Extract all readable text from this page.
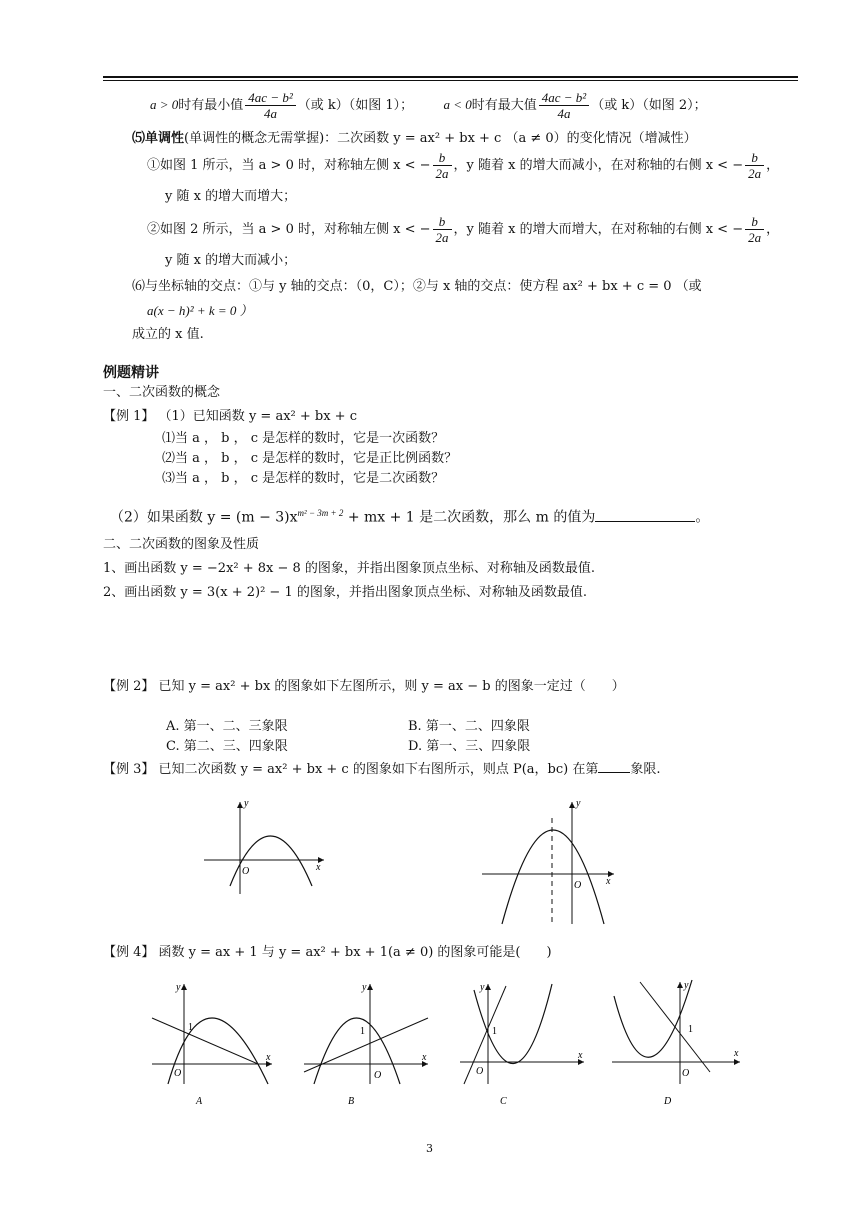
a > 0时有最小值 $\frac{\text{4ac − b²}}{4a}$ （或 k）（如图 1）； a < 0时有最大值 $\frac{\text{4ac − b²}}{4a}$ （或 k）（如图 2）；
⑸单调性(单调性的概念无需掌握)：二次函数 y = ax² + bx + c （a ≠ 0）的变化情况（增减性）
①如图 1 所示，当 a > 0 时，对称轴左侧 x < − $\frac{b}{2a}$ ，y 随着 x 的增大而减小，在对称轴的右侧 x < − $\frac{b}{2a}$ ，
y 随 x 的增大而增大；
②如图 2 所示，当 a > 0 时，对称轴左侧 x < − $\frac{b}{2a}$ ，y 随着 x 的增大而增大，在对称轴的右侧 x < − $\frac{b}{2a}$ ，
y 随 x 的增大而减小；
⑹与坐标轴的交点：①与 y 轴的交点：（0，C）；②与 x 轴的交点：使方程 ax² + bx + c = 0 （或
a(x − h)² + k = 0 ）
成立的 x 值.
例题精讲
一、二次函数的概念
【例 1】 （1）已知函数 y = ax² + bx + c
⑴当 a ， b ， c 是怎样的数时，它是一次函数？
⑵当 a ， b ， c 是怎样的数时，它是正比例函数？
⑶当 a ， b ， c 是怎样的数时，它是二次函数？
（2）如果函数 $y = (m - 3)x^{m^2 - 3m + 2}$ + mx + 1 是二次函数，那么 m 的值为	。
二、二次函数的图象及性质
1、画出函数 y = −2x² + 8x − 8 的图象，并指出图象顶点坐标、对称轴及函数最值.
2、画出函数 y = 3(x + 2)² − 1 的图象，并指出图象顶点坐标、对称轴及函数最值.
【例 2】 已知 y = ax² + bx 的图象如下左图所示，则 y = ax − b 的图象一定过（　　）
A. 第一、二、三象限	B. 第一、二、四象限
C. 第二、三、四象限	D. 第一、三、四象限
【例 3】 已知二次函数 y = ax² + bx + c 的图象如下右图所示，则点 P(a，bc) 在第 象限.
x
y
O
x
y
O
【例 4】 函数 y = ax + 1 与 y = ax² + bx + 1(a ≠ 0) 的图象可能是(　　)
x
y
1
O
A
x
y
1
O
B
x
y
1
O
C
x
y
1
O
D
3
